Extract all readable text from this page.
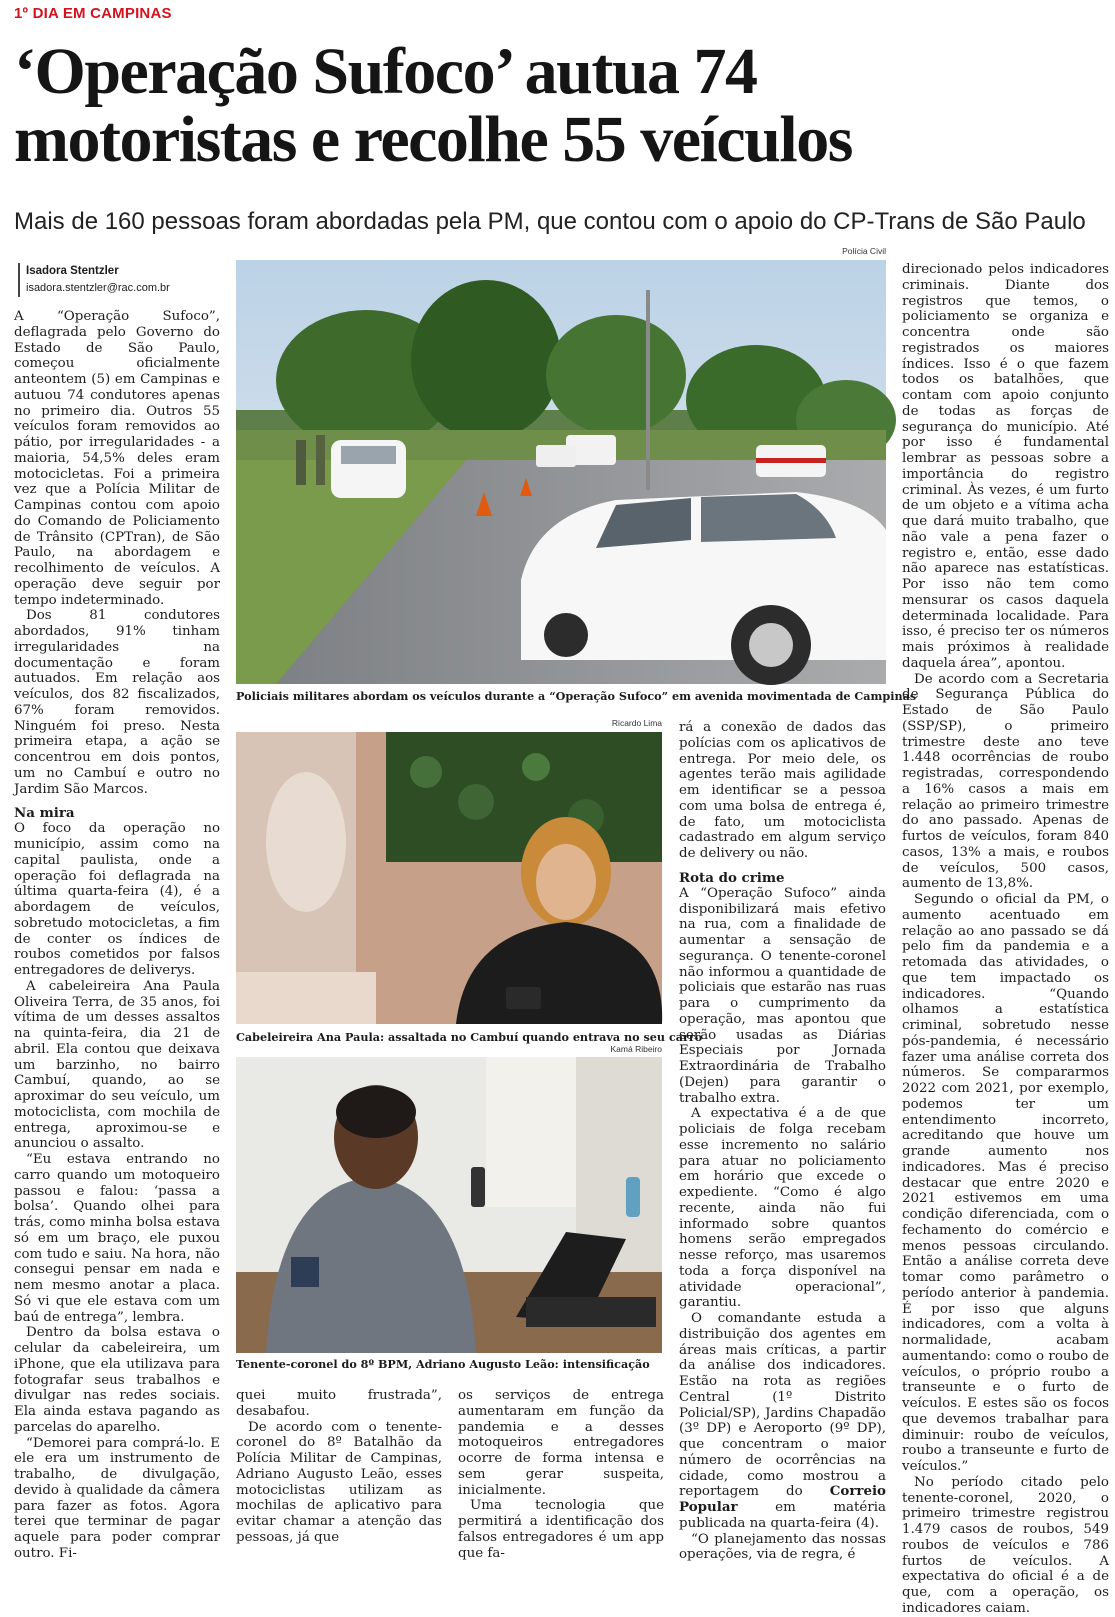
1º DIA EM CAMPINAS
‘Operação Sufoco’ autua 74
motoristas e recolhe 55 veículos
Mais de 160 pessoas foram abordadas pela PM, que contou com o apoio do CP-Trans de São Paulo
Isadora Stentzler
isadora.stentzler@rac.com.br

A “Operação Sufoco”, deflagrada pelo Governo do Estado de São Paulo, começou oficialmente anteontem (5) em Campinas e autuou 74 condutores apenas no primeiro dia. Outros 55 veículos foram removidos ao pátio, por irregularidades - a maioria, 54,5% deles eram motocicletas. Foi a primeira vez que a Polícia Militar de Campinas contou com apoio do Comando de Policiamento de Trânsito (CPTran), de São Paulo, na abordagem e recolhimento de veículos. A operação deve seguir por tempo indeterminado.

Dos 81 condutores abordados, 91% tinham irregularidades na documentação e foram autuados. Em relação aos veículos, dos 82 fiscalizados, 67% foram removidos. Ninguém foi preso. Nesta primeira etapa, a ação se concentrou em dois pontos, um no Cambuí e outro no Jardim São Marcos.

Na mira

O foco da operação no município, assim como na capital paulista, onde a operação foi deflagrada na última quarta-feira (4), é a abordagem de veículos, sobretudo motocicletas, a fim de conter os índices de roubos cometidos por falsos entregadores de deliverys.

A cabeleireira Ana Paula Oliveira Terra, de 35 anos, foi vítima de um desses assaltos na quinta-feira, dia 21 de abril. Ela contou que deixava um barzinho, no bairro Cambuí, quando, ao se aproximar do seu veículo, um motociclista, com mochila de entrega, aproximou-se e anunciou o assalto.

“Eu estava entrando no carro quando um motoqueiro passou e falou: ‘passa a bolsa’. Quando olhei para trás, como minha bolsa estava só em um braço, ele puxou com tudo e saiu. Na hora, não consegui pensar em nada e nem mesmo anotar a placa. Só vi que ele estava com um baú de entrega”, lembra.

Dentro da bolsa estava o celular da cabeleireira, um iPhone, que ela utilizava para fotografar seus trabalhos e divulgar nas redes sociais. Ela ainda estava pagando as parcelas do aparelho.

“Demorei para comprá-lo. E ele era um instrumento de trabalho, de divulgação, devido à qualidade da câmera para fazer as fotos. Agora terei que terminar de pagar aquele para poder comprar outro. Fi-

Polícia Civil
Policiais militares abordam os veículos durante a “Operação Sufoco” em avenida movimentada de Campinas
Ricardo Lima
Cabeleireira Ana Paula: assaltada no Cambuí quando entrava no seu carro
Kamá Ribeiro
Tenente-coronel do 8º BPM, Adriano Augusto Leão: intensificação

quei muito frustrada”, desabafou.

De acordo com o tenente-coronel do 8º Batalhão da Polícia Militar de Campinas, Adriano Augusto Leão, esses motociclistas utilizam as mochilas de aplicativo para evitar chamar a atenção das pessoas, já que

os serviços de entrega aumentaram em função da pandemia e a desses motoqueiros entregadores ocorre de forma intensa e sem gerar suspeita, inicialmente.

Uma tecnologia que permitirá a identificação dos falsos entregadores é um app que fa-

rá a conexão de dados das polícias com os aplicativos de entrega. Por meio dele, os agentes terão mais agilidade em identificar se a pessoa com uma bolsa de entrega é, de fato, um motociclista cadastrado em algum serviço de delivery ou não.

Rota do crime

A “Operação Sufoco” ainda disponibilizará mais efetivo na rua, com a finalidade de aumentar a sensação de segurança. O tenente-coronel não informou a quantidade de policiais que estarão nas ruas para o cumprimento da operação, mas apontou que serão usadas as Diárias Especiais por Jornada Extraordinária de Trabalho (Dejen) para garantir o trabalho extra.

A expectativa é a de que policiais de folga recebam esse incremento no salário para atuar no policiamento em horário que excede o expediente. “Como é algo recente, ainda não fui informado sobre quantos homens serão empregados nesse reforço, mas usaremos toda a força disponível na atividade operacional”, garantiu.

O comandante estuda a distribuição dos agentes em áreas mais críticas, a partir da análise dos indicadores. Estão na rota as regiões Central (1º Distrito Policial/SP), Jardins Chapadão (3º DP) e Aeroporto (9º DP), que concentram o maior número de ocorrências na cidade, como mostrou a reportagem do Correio Popular em matéria publicada na quarta-feira (4).

“O planejamento das nossas operações, via de regra, é

direcionado pelos indicadores criminais. Diante dos registros que temos, o policiamento se organiza e concentra onde são registrados os maiores índices. Isso é o que fazem todos os batalhões, que contam com apoio conjunto de todas as forças de segurança do município. Até por isso é fundamental lembrar as pessoas sobre a importância do registro criminal. Às vezes, é um furto de um objeto e a vítima acha que dará muito trabalho, que não vale a pena fazer o registro e, então, esse dado não aparece nas estatísticas. Por isso não tem como mensurar os casos daquela determinada localidade. Para isso, é preciso ter os números mais próximos à realidade daquela área”, apontou.

De acordo com a Secretaria de Segurança Pública do Estado de São Paulo (SSP/SP), o primeiro trimestre deste ano teve 1.448 ocorrências de roubo registradas, correspondendo a 16% casos a mais em relação ao primeiro trimestre do ano passado. Apenas de furtos de veículos, foram 840 casos, 13% a mais, e roubos de veículos, 500 casos, aumento de 13,8%.

Segundo o oficial da PM, o aumento acentuado em relação ao ano passado se dá pelo fim da pandemia e a retomada das atividades, o que tem impactado os indicadores. “Quando olhamos a estatística criminal, sobretudo nesse pós-pandemia, é necessário fazer uma análise correta dos números. Se compararmos 2022 com 2021, por exemplo, podemos ter um entendimento incorreto, acreditando que houve um grande aumento nos indicadores. Mas é preciso destacar que entre 2020 e 2021 estivemos em uma condição diferenciada, com o fechamento do comércio e menos pessoas circulando. Então a análise correta deve tomar como parâmetro o período anterior à pandemia. É por isso que alguns indicadores, com a volta à normalidade, acabam aumentando: como o roubo de veículos, o próprio roubo a transeunte e o furto de veículos. E estes são os focos que devemos trabalhar para diminuir: roubo de veículos, roubo a transeunte e furto de veículos.”

No período citado pelo tenente-coronel, 2020, o primeiro trimestre registrou 1.479 casos de roubos, 549 roubos de veículos e 786 furtos de veículos. A expectativa do oficial é a de que, com a operação, os indicadores caiam.
